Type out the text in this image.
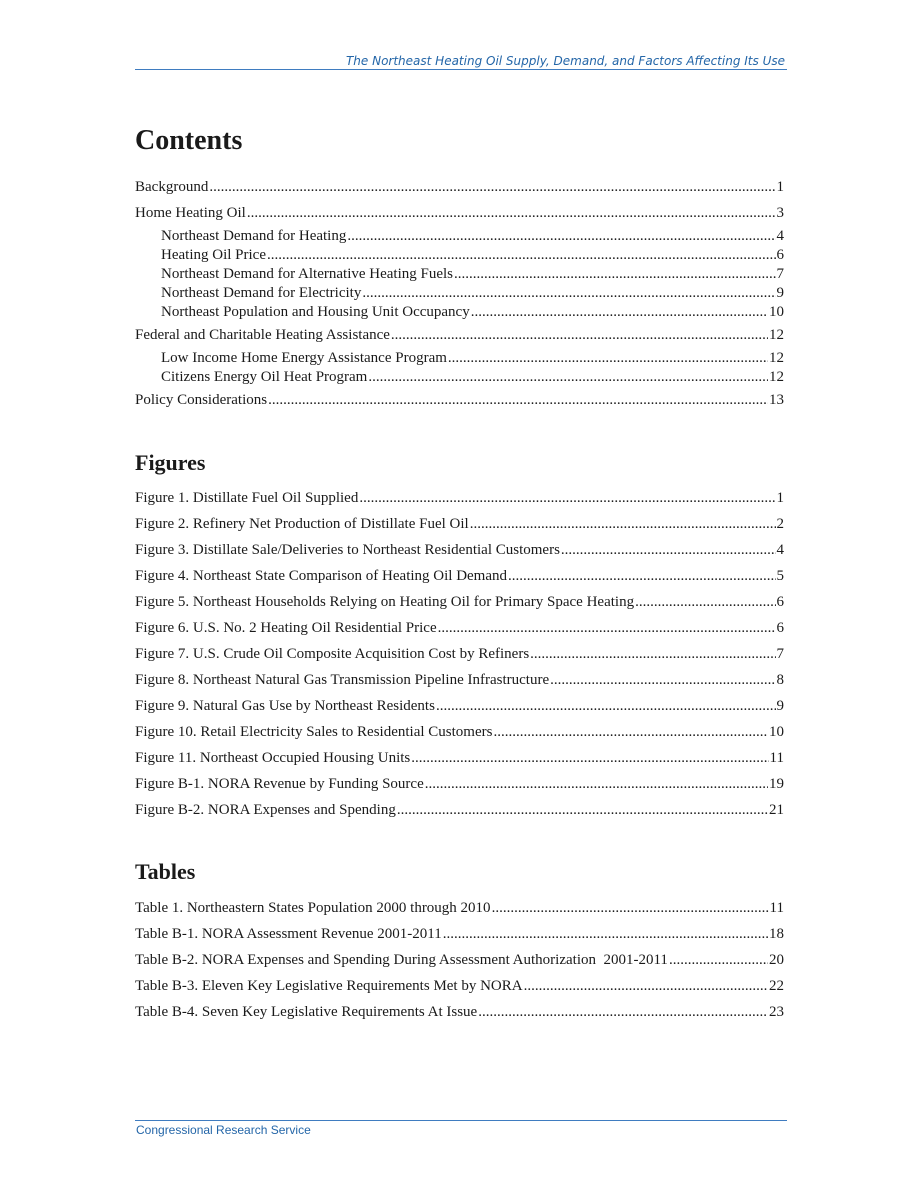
The Northeast Heating Oil Supply, Demand, and Factors Affecting Its Use
Contents
Background .....	1
Home Heating Oil .....	3
Northeast Demand for Heating .....	4
Heating Oil Price .....	6
Northeast Demand for Alternative Heating Fuels .....	7
Northeast Demand for Electricity .....	9
Northeast Population and Housing Unit Occupancy .....	10
Federal and Charitable Heating Assistance .....	12
Low Income Home Energy Assistance Program .....	12
Citizens Energy Oil Heat Program .....	12
Policy Considerations .....	13
Figures
Figure 1. Distillate Fuel Oil Supplied .....	1
Figure 2. Refinery Net Production of Distillate Fuel Oil .....	2
Figure 3. Distillate Sale/Deliveries to Northeast Residential Customers .....	4
Figure 4. Northeast State Comparison of Heating Oil Demand .....	5
Figure 5. Northeast Households Relying on Heating Oil for Primary Space Heating .....	6
Figure 6. U.S. No. 2 Heating Oil Residential Price .....	6
Figure 7. U.S. Crude Oil Composite Acquisition Cost by Refiners .....	7
Figure 8. Northeast Natural Gas Transmission Pipeline Infrastructure .....	8
Figure 9. Natural Gas Use by Northeast Residents .....	9
Figure 10. Retail Electricity Sales to Residential Customers .....	10
Figure 11. Northeast Occupied Housing Units .....	11
Figure B-1. NORA Revenue by Funding Source .....	19
Figure B-2. NORA Expenses and Spending .....	21
Tables
Table 1. Northeastern States Population 2000 through 2010 .....	11
Table B-1. NORA Assessment Revenue 2001-2011 .....	18
Table B-2. NORA Expenses and Spending During Assessment Authorization  2001-2011 .....	20
Table B-3. Eleven Key Legislative Requirements Met by NORA .....	22
Table B-4. Seven Key Legislative Requirements At Issue .....	23
Congressional Research Service
